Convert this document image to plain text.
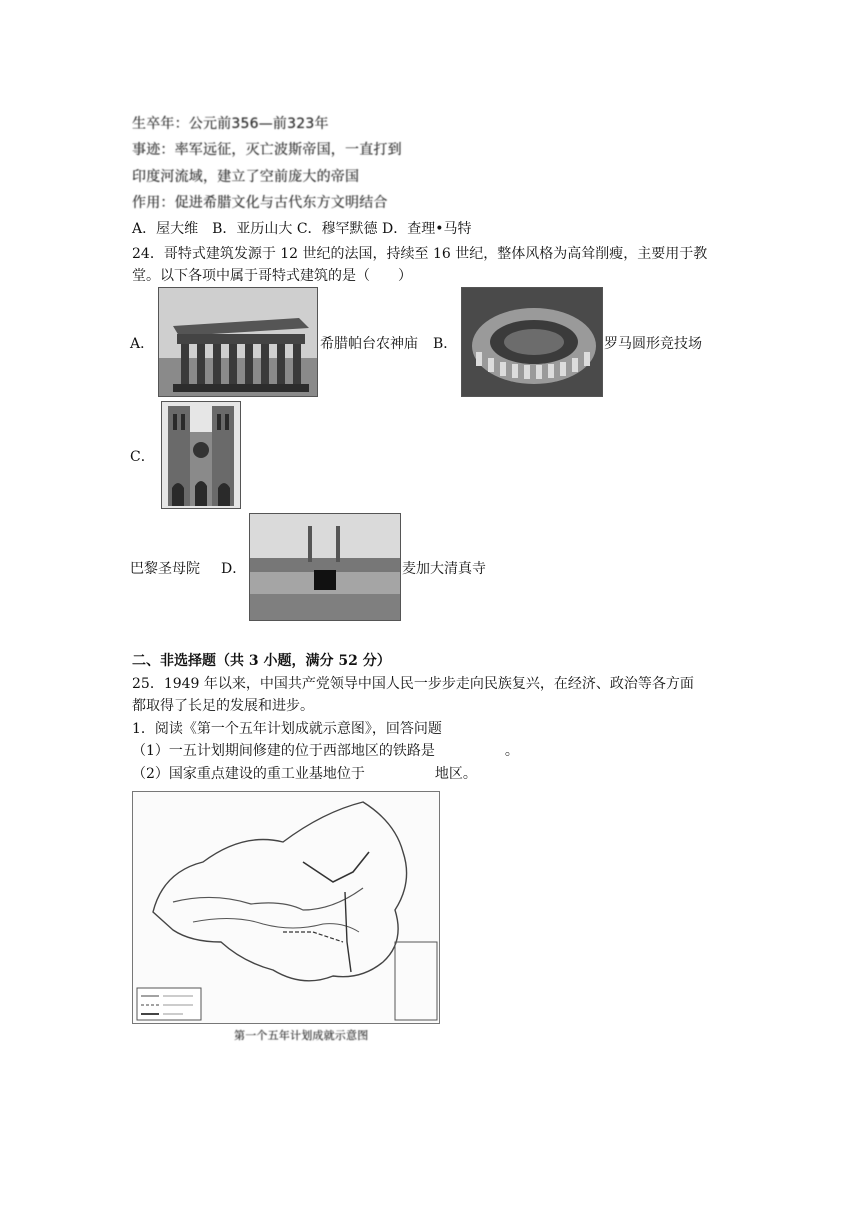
生卒年：公元前356—前323年
事迹：率军远征，灭亡波斯帝国，一直打到
印度河流域，建立了空前庞大的帝国
作用：促进希腊文化与古代东方文明结合
A．屋大维　B．亚历山大 C．穆罕默德 D．查理•马特
24．哥特式建筑发源于 12 世纪的法国，持续至 16 世纪，整体风格为高耸削瘦，主要用于教
堂。以下各项中属于哥特式建筑的是（　　）
A．	希腊帕台农神庙 B．	罗马圆形竞技场
C．
巴黎圣母院 D．	麦加大清真寺
二、非选择题（共 3 小题，满分 52 分）
25．1949 年以来，中国共产党领导中国人民一步步走向民族复兴，在经济、政治等各方面
都取得了长足的发展和进步。
1．阅读《第一个五年计划成就示意图》，回答问题
（1）一五计划期间修建的位于西部地区的铁路是　　　　　。
（2）国家重点建设的重工业基地位于　　　　　地区。
第一个五年计划成就示意图
